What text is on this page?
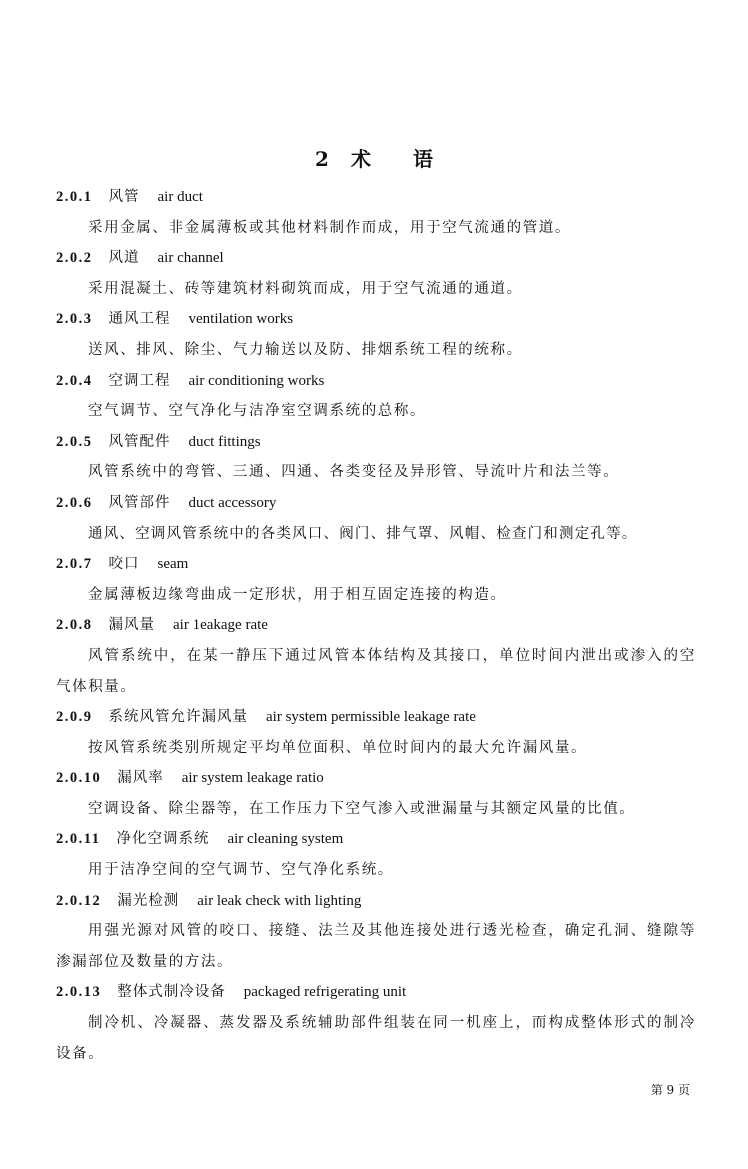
2 术 语
2.0.1 风管 air duct

采用金属、非金属薄板或其他材料制作而成，用于空气流通的管道。

2.0.2 风道 air channel

采用混凝土、砖等建筑材料砌筑而成，用于空气流通的通道。

2.0.3 通风工程 ventilation works

送风、排风、除尘、气力输送以及防、排烟系统工程的统称。

2.0.4 空调工程 air conditioning works

空气调节、空气净化与洁净室空调系统的总称。

2.0.5 风管配件 duct fittings

风管系统中的弯管、三通、四通、各类变径及异形管、导流叶片和法兰等。

2.0.6 风管部件 duct accessory

通风、空调风管系统中的各类风口、阀门、排气罩、风帽、检查门和测定孔等。

2.0.7 咬口 seam

金属薄板边缘弯曲成一定形状，用于相互固定连接的构造。

2.0.8 漏风量 air 1eakage rate

风管系统中，在某一静压下通过风管本体结构及其接口，单位时间内泄出或渗入的空气体积量。

2.0.9 系统风管允许漏风量 air system permissible leakage rate

按风管系统类别所规定平均单位面积、单位时间内的最大允许漏风量。

2.0.10 漏风率 air system leakage ratio

空调设备、除尘器等，在工作压力下空气渗入或泄漏量与其额定风量的比值。

2.0.11 净化空调系统 air cleaning system

用于洁净空间的空气调节、空气净化系统。

2.0.12 漏光检测 air leak check with lighting

用强光源对风管的咬口、接缝、法兰及其他连接处进行透光检查，确定孔洞、缝隙等渗漏部位及数量的方法。

2.0.13 整体式制冷设备 packaged refrigerating unit

制冷机、冷凝器、蒸发器及系统辅助部件组装在同一机座上，而构成整体形式的制冷设备。

第 9 页
